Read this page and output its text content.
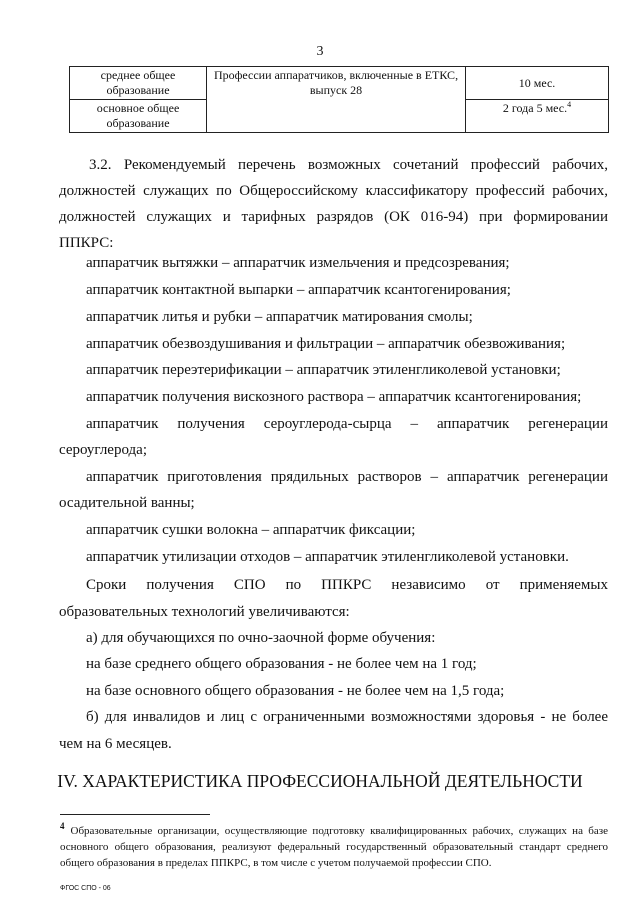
3
среднее общее образование	Профессии аппаратчиков, включенные в ЕТКС, выпуск 28	10 мес.
основное общее образование		2 года 5 мес.$^4$

3.2. Рекомендуемый перечень возможных сочетаний профессий рабочих, должностей служащих по Общероссийскому классификатору профессий рабочих, должностей служащих и тарифных разрядов (ОК 016-94) при формировании ППКРС:

аппаратчик вытяжки – аппаратчик измельчения и предсозревания;

аппаратчик контактной выпарки – аппаратчик ксантогенирования;

аппаратчик литья и рубки – аппаратчик матирования смолы;

аппаратчик обезвоздушивания и фильтрации – аппаратчик обезвоживания;

аппаратчик переэтерификации – аппаратчик этиленгликолевой установки;

аппаратчик получения вискозного раствора – аппаратчик ксантогенирования;

аппаратчик получения сероуглерода-сырца – аппаратчик регенерации

сероуглерода;

аппаратчик приготовления прядильных растворов – аппаратчик регенерации

осадительной ванны;

аппаратчик сушки волокна – аппаратчик фиксации;

аппаратчик утилизации отходов – аппаратчик этиленгликолевой установки.

Сроки получения СПО по ППКРС независимо от применяемых

образовательных технологий увеличиваются:

а) для обучающихся по очно-заочной форме обучения:

на базе среднего общего образования - не более чем на 1 год;

на базе основного общего образования - не более чем на 1,5 года;

б) для инвалидов и лиц с ограниченными возможностями здоровья - не более

чем на 6 месяцев.

IV. ХАРАКТЕРИСТИКА ПРОФЕССИОНАЛЬНОЙ ДЕЯТЕЛЬНОСТИ
$^4$ Образовательные организации, осуществляющие подготовку квалифицированных рабочих, служащих на базе основного общего образования, реализуют федеральный государственный образовательный стандарт среднего общего образования в пределах ППКРС, в том числе с учетом получаемой профессии СПО.
ФГОС СПО - 06
